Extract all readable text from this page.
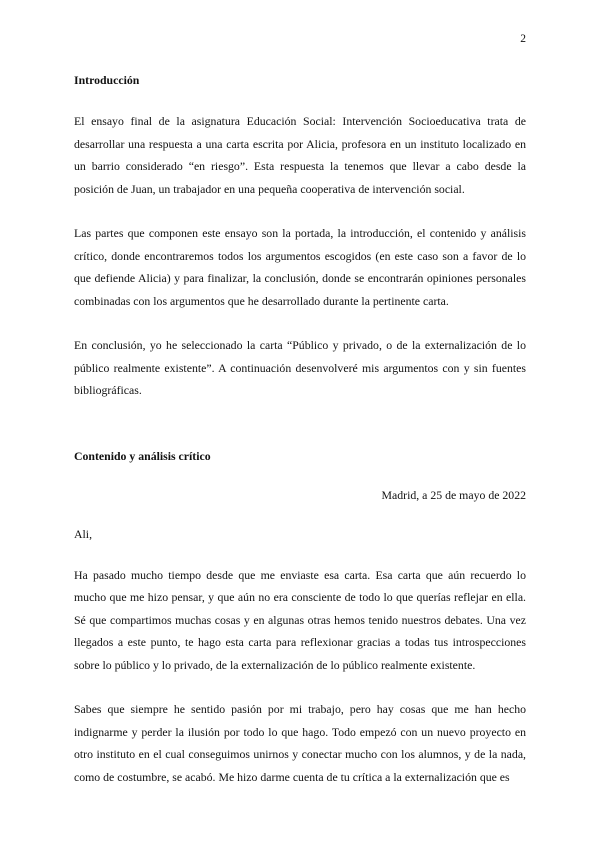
2
Introducción

El ensayo final de la asignatura Educación Social: Intervención Socioeducativa trata de desarrollar una respuesta a una carta escrita por Alicia, profesora en un instituto localizado en un barrio considerado “en riesgo”. Esta respuesta la tenemos que llevar a cabo desde la posición de Juan, un trabajador en una pequeña cooperativa de intervención social.

Las partes que componen este ensayo son la portada, la introducción, el contenido y análisis crítico, donde encontraremos todos los argumentos escogidos (en este caso son a favor de lo que defiende Alicia) y para finalizar, la conclusión, donde se encontrarán opiniones personales combinadas con los argumentos que he desarrollado durante la pertinente carta.

En conclusión, yo he seleccionado la carta “Público y privado, o de la externalización de lo público realmente existente”. A continuación desenvolveré mis argumentos con y sin fuentes bibliográficas.

Contenido y análisis crítico
Madrid, a 25 de mayo de 2022
Ali,

Ha pasado mucho tiempo desde que me enviaste esa carta. Esa carta que aún recuerdo lo mucho que me hizo pensar, y que aún no era consciente de todo lo que querías reflejar en ella. Sé que compartimos muchas cosas y en algunas otras hemos tenido nuestros debates. Una vez llegados a este punto, te hago esta carta para reflexionar gracias a todas tus introspecciones sobre lo público y lo privado, de la externalización de lo público realmente existente.

Sabes que siempre he sentido pasión por mi trabajo, pero hay cosas que me han hecho indignarme y perder la ilusión por todo lo que hago. Todo empezó con un nuevo proyecto en otro instituto en el cual conseguimos unirnos y conectar mucho con los alumnos, y de la nada, como de costumbre, se acabó. Me hizo darme cuenta de tu crítica a la externalización que es
